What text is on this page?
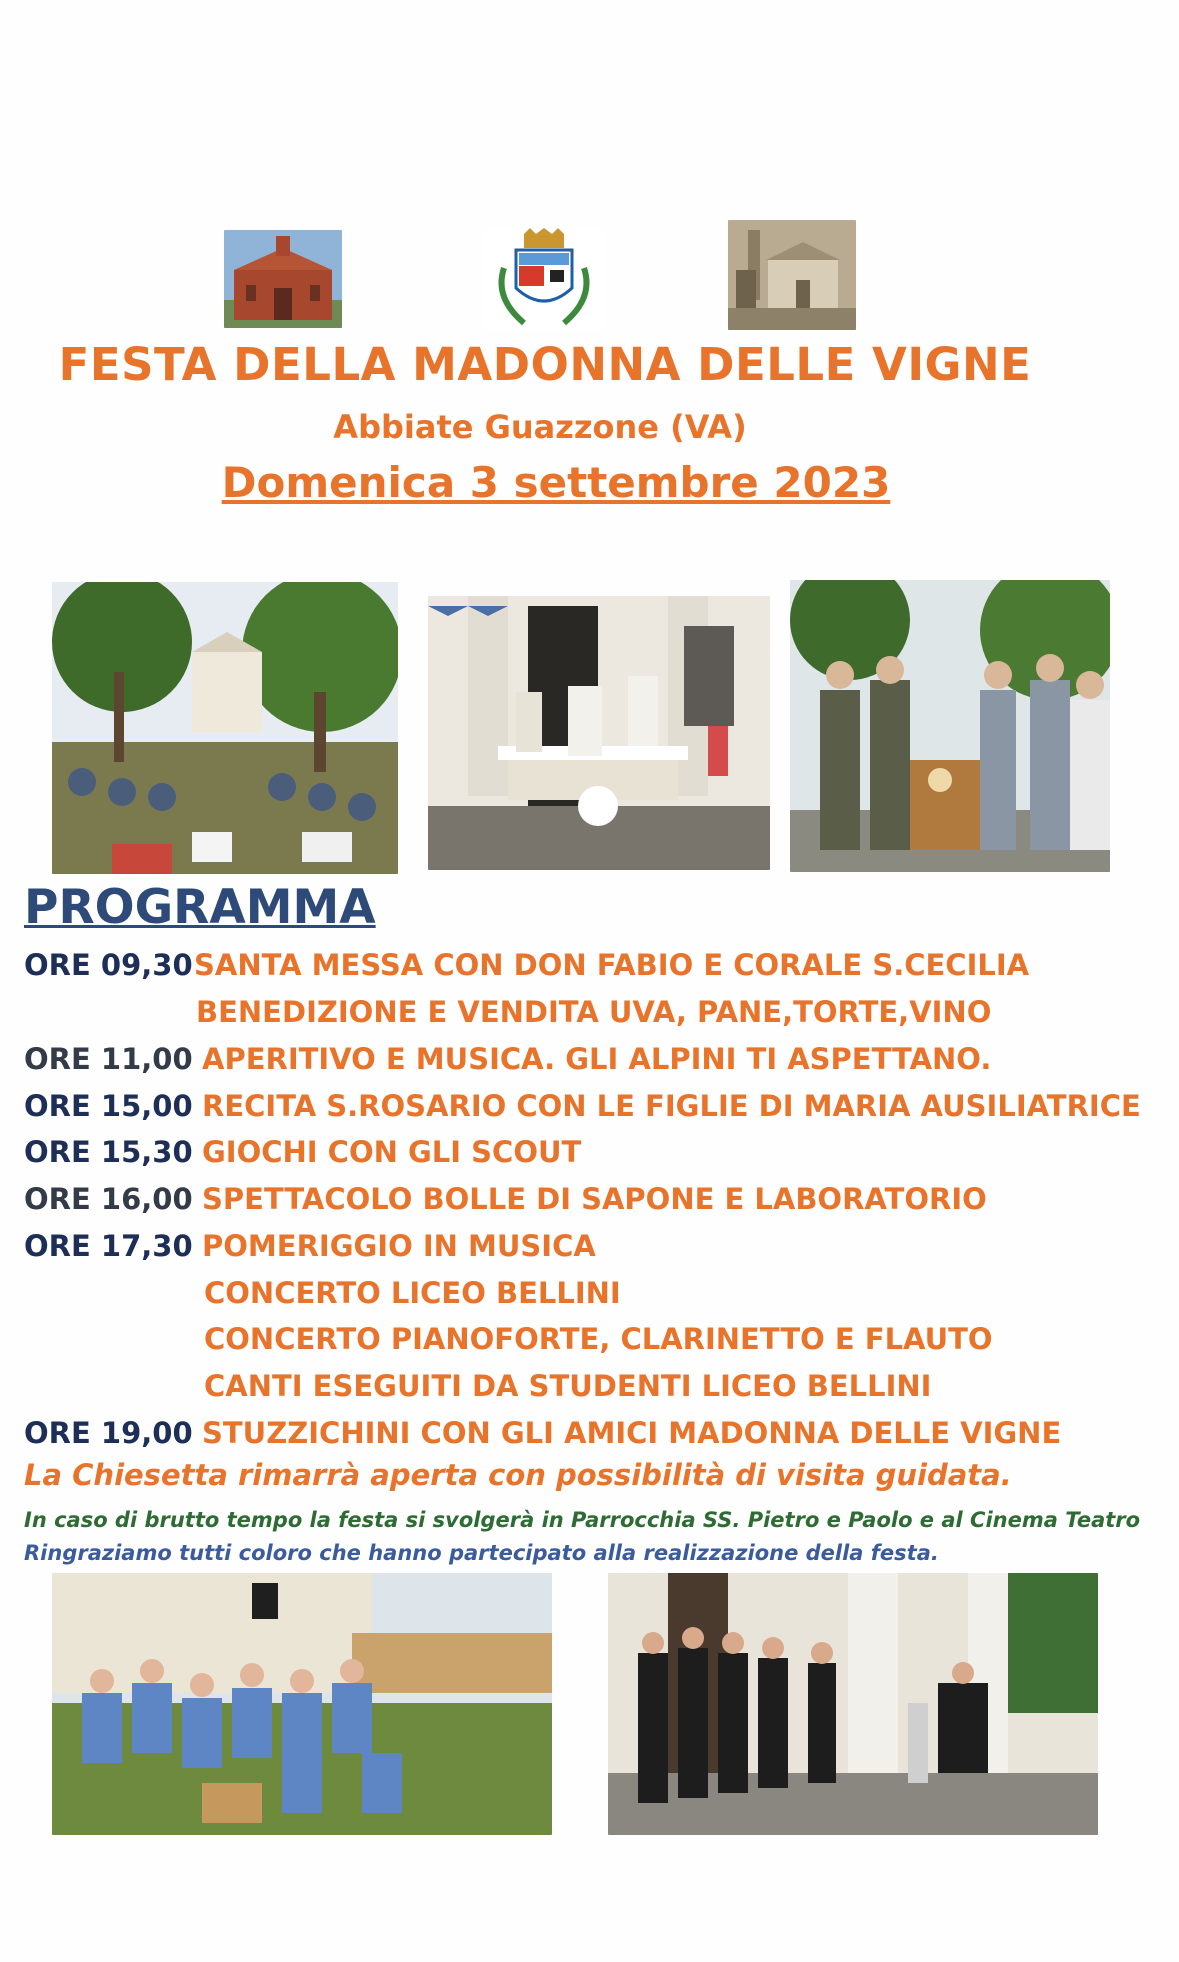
FESTA DELLA MADONNA DELLE VIGNE
Abbiate Guazzone (VA)
Domenica 3 settembre 2023
PROGRAMMA
ORE 09,30 SANTA MESSA CON DON FABIO E CORALE S.CECILIA
BENEDIZIONE E VENDITA UVA, PANE,TORTE,VINO
ORE 11,00 APERITIVO E MUSICA. GLI ALPINI TI ASPETTANO.
ORE 15,00 RECITA S.ROSARIO CON LE FIGLIE DI MARIA AUSILIATRICE
ORE 15,30 GIOCHI CON GLI SCOUT
ORE 16,00 SPETTACOLO BOLLE DI SAPONE E LABORATORIO
ORE 17,30 POMERIGGIO IN MUSICA
CONCERTO LICEO BELLINI
CONCERTO PIANOFORTE, CLARINETTO E FLAUTO
CANTI ESEGUITI DA STUDENTI LICEO BELLINI
ORE 19,00 STUZZICHINI CON GLI AMICI MADONNA DELLE VIGNE
La Chiesetta rimarrà aperta con possibilità di visita guidata.
In caso di brutto tempo la festa si svolgerà in Parrocchia SS. Pietro e Paolo e al Cinema Teatro
Ringraziamo tutti coloro che hanno partecipato alla realizzazione della festa.
